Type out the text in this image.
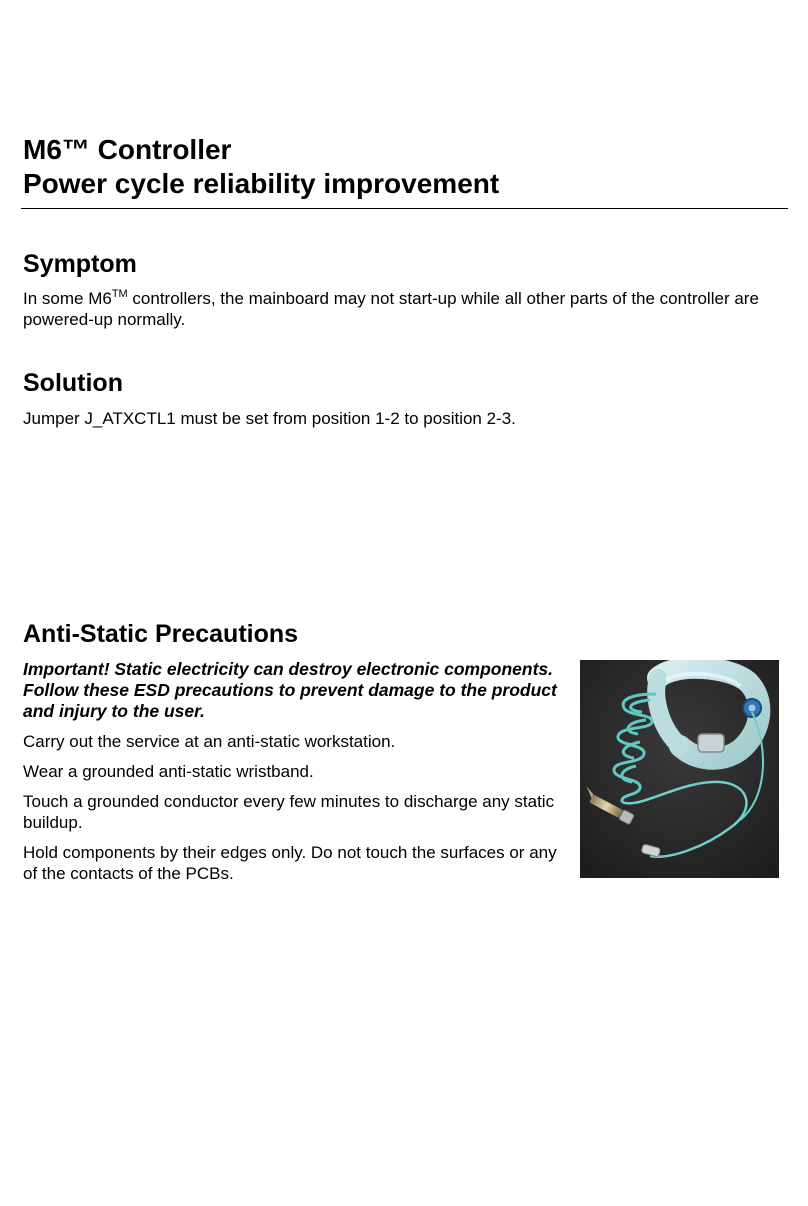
M6™ Controller
Power cycle reliability improvement
Symptom
In some M6™ controllers, the mainboard may not start-up while all other parts of the controller are powered-up normally.
Solution
Jumper J_ATXCTL1 must be set from position 1-2 to position 2-3.
Anti-Static Precautions
Important! Static electricity can destroy electronic components. Follow these ESD precautions to prevent damage to the product and injury to the user.
Carry out the service at an anti-static workstation.
Wear a grounded anti-static wristband.
Touch a grounded conductor every few minutes to discharge any static buildup.
Hold components by their edges only. Do not touch the surfaces or any of the contacts of the PCBs.
